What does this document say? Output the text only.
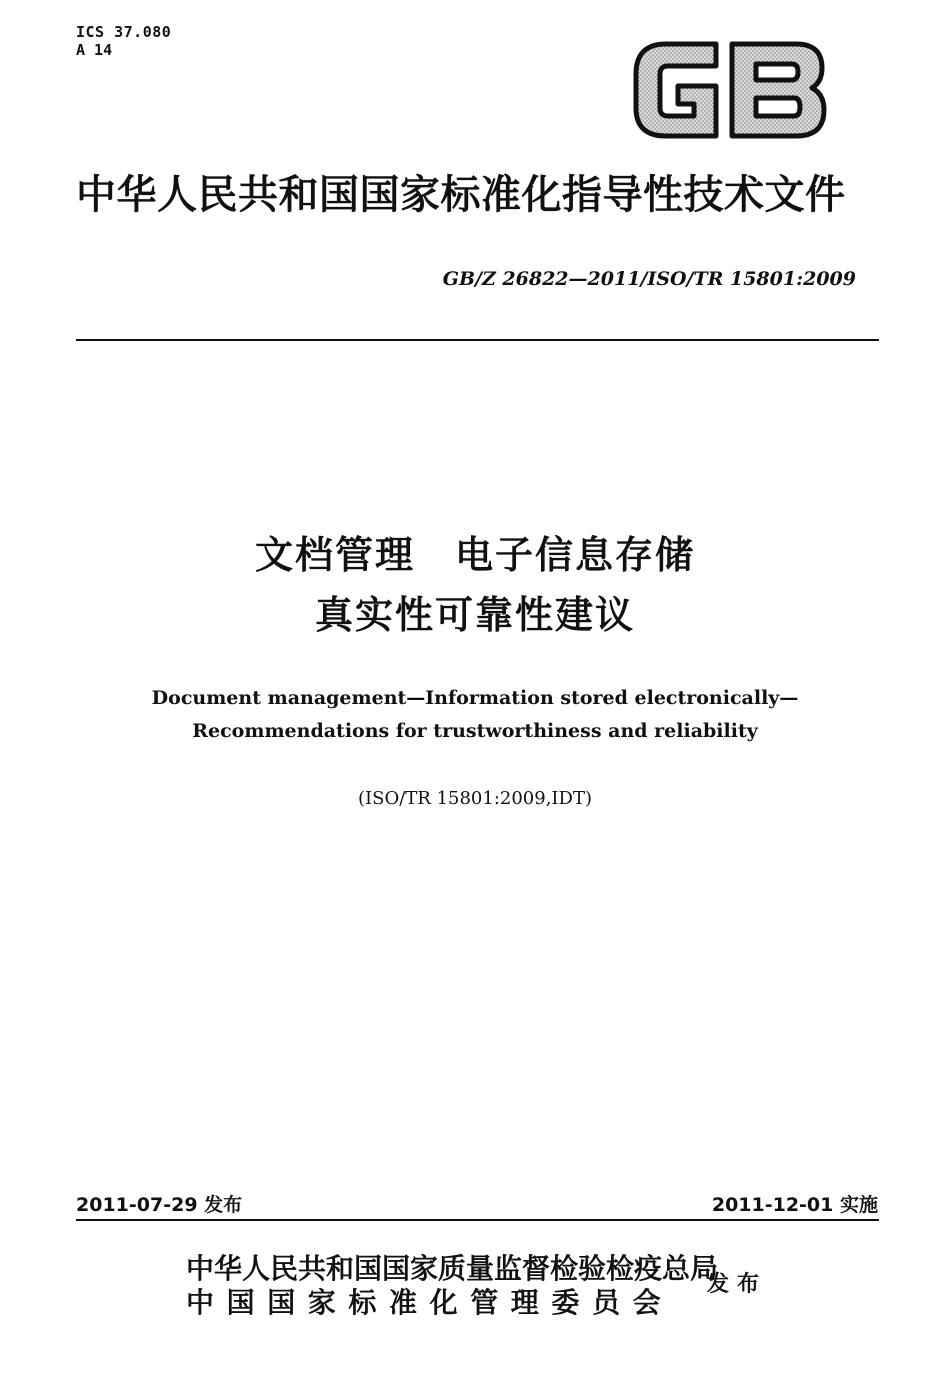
ICS 37.080
A 14
中华人民共和国国家标准化指导性技术文件
GB/Z 26822—2011/ISO/TR 15801:2009
文档管理　电子信息存储
真实性可靠性建议
Document management—Information stored electronically—
Recommendations for trustworthiness and reliability
(ISO/TR 15801:2009,IDT)
2011-07-29 发布	2011-12-01 实施
中华人民共和国国家质量监督检验检疫总局
中国国家标准化管理委员会
发布
